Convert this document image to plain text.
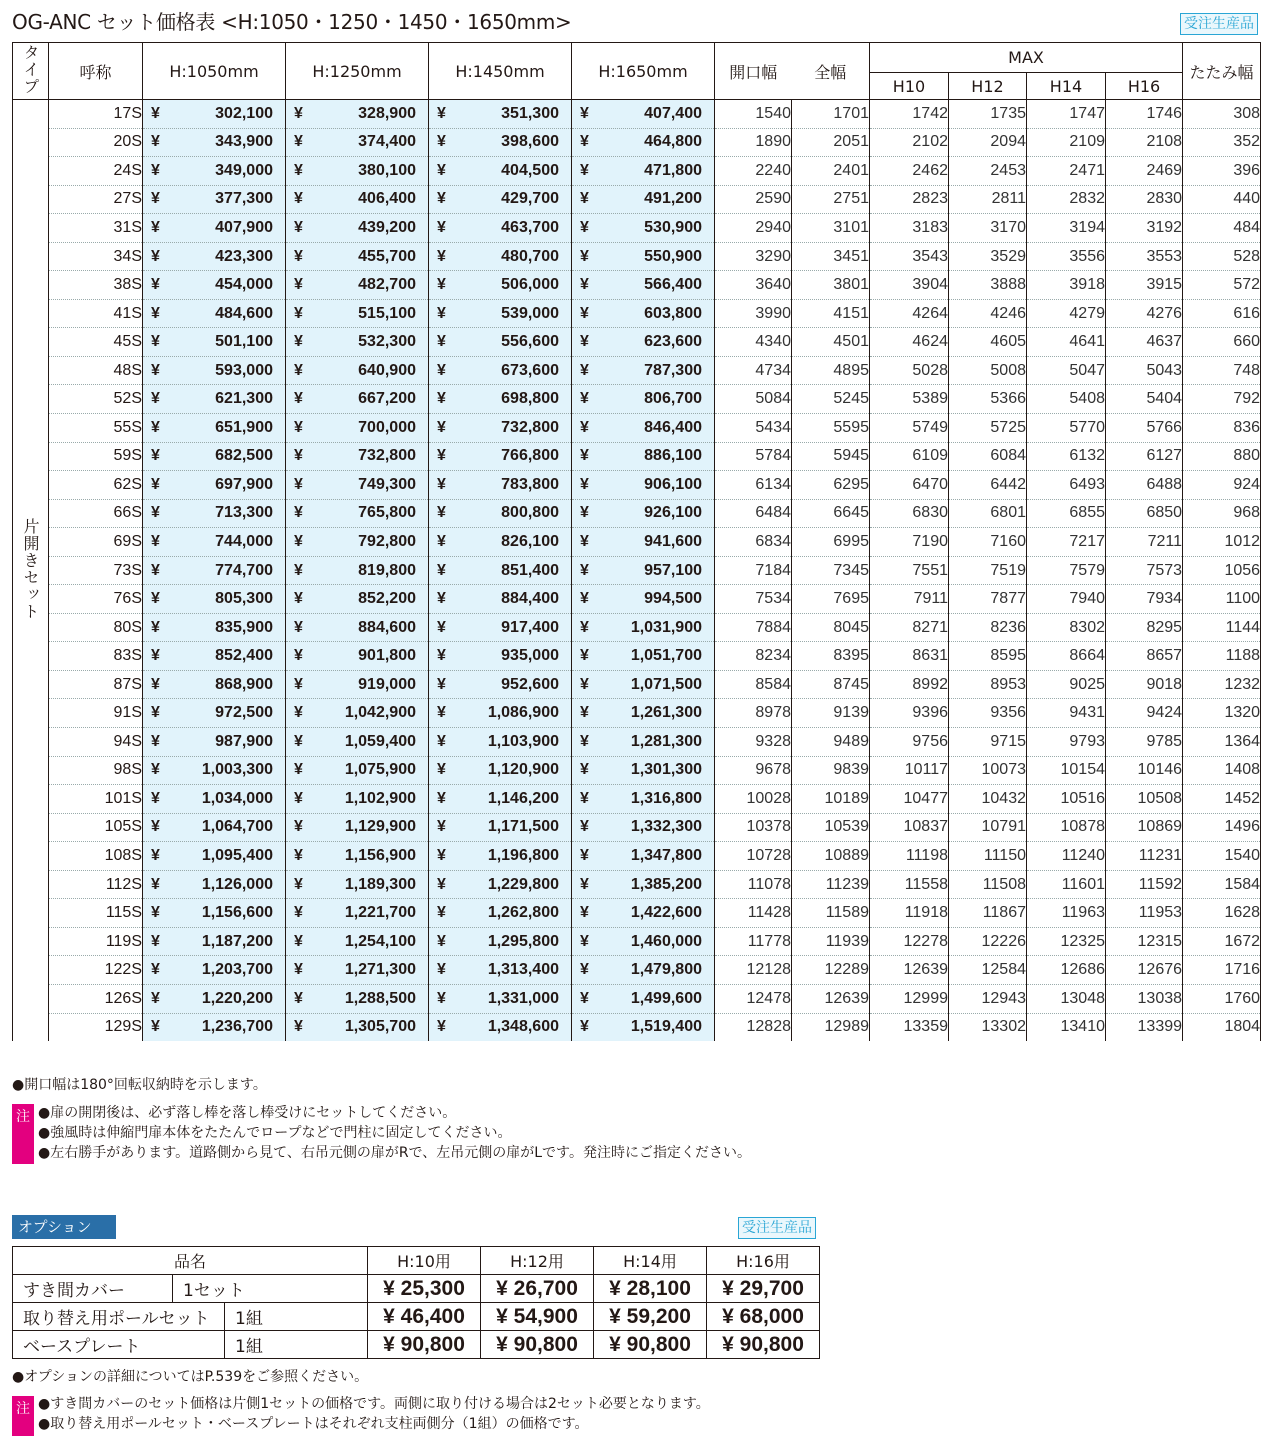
OG-ANC セット価格表 <H:1050・1250・1450・1650mm>	受注生産品
タイプ	呼称	H:1050mm	H:1250mm	H:1450mm	H:1650mm	開口幅	全幅	MAX				たたみ幅
								H10	H12	H14	H16	
片開きセット	17S	¥ 302,100	¥ 328,900	¥ 351,300	¥ 407,400	1540	1701	1742	1735	1747	1746	308
	20S	¥ 343,900	¥ 374,400	¥ 398,600	¥ 464,800	1890	2051	2102	2094	2109	2108	352
	24S	¥ 349,000	¥ 380,100	¥ 404,500	¥ 471,800	2240	2401	2462	2453	2471	2469	396
	27S	¥ 377,300	¥ 406,400	¥ 429,700	¥ 491,200	2590	2751	2823	2811	2832	2830	440
	31S	¥ 407,900	¥ 439,200	¥ 463,700	¥ 530,900	2940	3101	3183	3170	3194	3192	484
	34S	¥ 423,300	¥ 455,700	¥ 480,700	¥ 550,900	3290	3451	3543	3529	3556	3553	528
	38S	¥ 454,000	¥ 482,700	¥ 506,000	¥ 566,400	3640	3801	3904	3888	3918	3915	572
	41S	¥ 484,600	¥ 515,100	¥ 539,000	¥ 603,800	3990	4151	4264	4246	4279	4276	616
	45S	¥ 501,100	¥ 532,300	¥ 556,600	¥ 623,600	4340	4501	4624	4605	4641	4637	660
	48S	¥ 593,000	¥ 640,900	¥ 673,600	¥ 787,300	4734	4895	5028	5008	5047	5043	748
	52S	¥ 621,300	¥ 667,200	¥ 698,800	¥ 806,700	5084	5245	5389	5366	5408	5404	792
	55S	¥ 651,900	¥ 700,000	¥ 732,800	¥ 846,400	5434	5595	5749	5725	5770	5766	836
	59S	¥ 682,500	¥ 732,800	¥ 766,800	¥ 886,100	5784	5945	6109	6084	6132	6127	880
	62S	¥ 697,900	¥ 749,300	¥ 783,800	¥ 906,100	6134	6295	6470	6442	6493	6488	924
	66S	¥ 713,300	¥ 765,800	¥ 800,800	¥ 926,100	6484	6645	6830	6801	6855	6850	968
	69S	¥ 744,000	¥ 792,800	¥ 826,100	¥ 941,600	6834	6995	7190	7160	7217	7211	1012
	73S	¥ 774,700	¥ 819,800	¥ 851,400	¥ 957,100	7184	7345	7551	7519	7579	7573	1056
	76S	¥ 805,300	¥ 852,200	¥ 884,400	¥ 994,500	7534	7695	7911	7877	7940	7934	1100
	80S	¥ 835,900	¥ 884,600	¥ 917,400	¥ 1,031,900	7884	8045	8271	8236	8302	8295	1144
	83S	¥ 852,400	¥ 901,800	¥ 935,000	¥ 1,051,700	8234	8395	8631	8595	8664	8657	1188
	87S	¥ 868,900	¥ 919,000	¥ 952,600	¥ 1,071,500	8584	8745	8992	8953	9025	9018	1232
	91S	¥ 972,500	¥ 1,042,900	¥ 1,086,900	¥ 1,261,300	8978	9139	9396	9356	9431	9424	1320
	94S	¥ 987,900	¥ 1,059,400	¥ 1,103,900	¥ 1,281,300	9328	9489	9756	9715	9793	9785	1364
	98S	¥ 1,003,300	¥ 1,075,900	¥ 1,120,900	¥ 1,301,300	9678	9839	10117	10073	10154	10146	1408
	101S	¥ 1,034,000	¥ 1,102,900	¥ 1,146,200	¥ 1,316,800	10028	10189	10477	10432	10516	10508	1452
	105S	¥ 1,064,700	¥ 1,129,900	¥ 1,171,500	¥ 1,332,300	10378	10539	10837	10791	10878	10869	1496
	108S	¥ 1,095,400	¥ 1,156,900	¥ 1,196,800	¥ 1,347,800	10728	10889	11198	11150	11240	11231	1540
	112S	¥ 1,126,000	¥ 1,189,300	¥ 1,229,800	¥ 1,385,200	11078	11239	11558	11508	11601	11592	1584
	115S	¥ 1,156,600	¥ 1,221,700	¥ 1,262,800	¥ 1,422,600	11428	11589	11918	11867	11963	11953	1628
	119S	¥ 1,187,200	¥ 1,254,100	¥ 1,295,800	¥ 1,460,000	11778	11939	12278	12226	12325	12315	1672
	122S	¥ 1,203,700	¥ 1,271,300	¥ 1,313,400	¥ 1,479,800	12128	12289	12639	12584	12686	12676	1716
	126S	¥ 1,220,200	¥ 1,288,500	¥ 1,331,000	¥ 1,499,600	12478	12639	12999	12943	13048	13038	1760
	129S	¥ 1,236,700	¥ 1,305,700	¥ 1,348,600	¥ 1,519,400	12828	12989	13359	13302	13410	13399	1804
●開口幅は180°回転収納時を示します。
注 ●扉の開閉後は、必ず落し棒を落し棒受けにセットしてください。
●強風時は伸縮門扉本体をたたんでロープなどで門柱に固定してください。
●左右勝手があります。道路側から見て、右吊元側の扉がRで、左吊元側の扉がLです。発注時にご指定ください。
オプション	受注生産品
品名			H:10用	H:12用	H:14用	H:16用
すき間カバー	1セット		¥ 25,300	¥ 26,700	¥ 28,100	¥ 29,700
取り替え用ポールセット		1組	¥ 46,400	¥ 54,900	¥ 59,200	¥ 68,000
ベースプレート		1組	¥ 90,800	¥ 90,800	¥ 90,800	¥ 90,800
●オプションの詳細についてはP.539をご参照ください。
注 ●すき間カバーのセット価格は片側1セットの価格です。両側に取り付ける場合は2セット必要となります。
●取り替え用ポールセット・ベースプレートはそれぞれ支柱両側分（1組）の価格です。
